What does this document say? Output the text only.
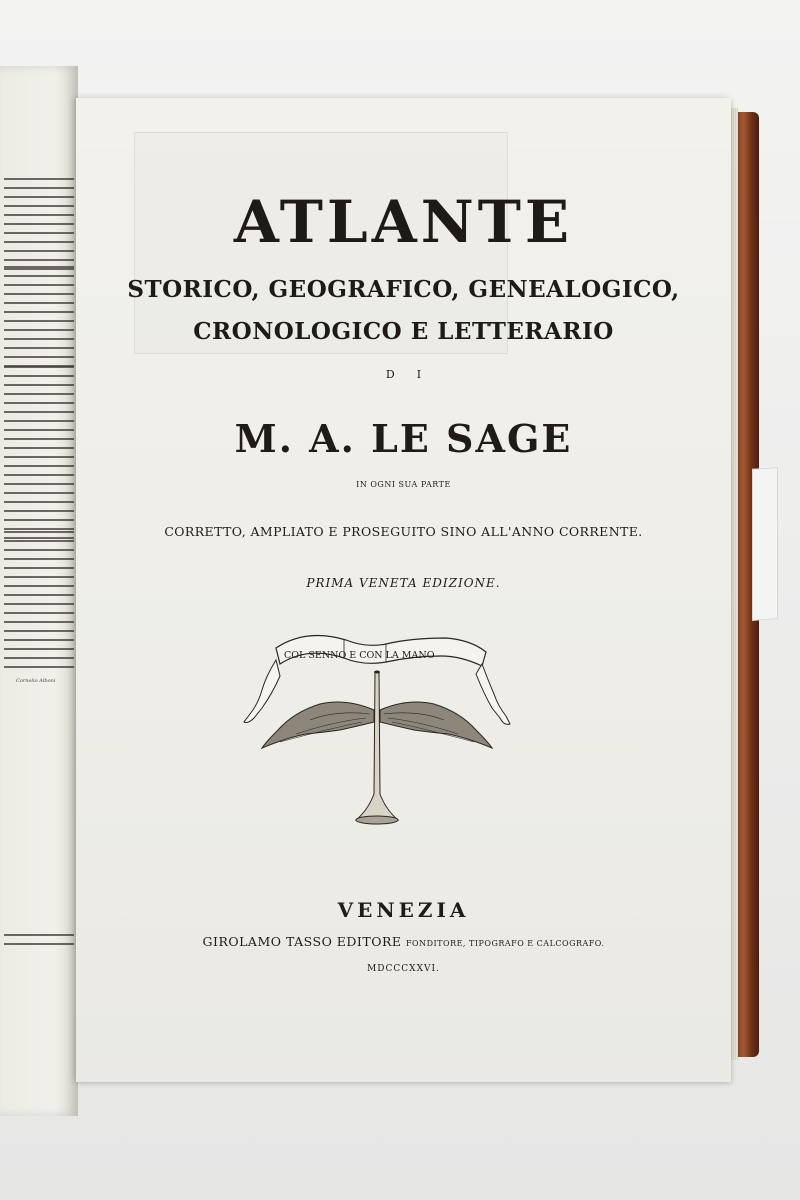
Cornelio Alboni
ATLANTE
STORICO, GEOGRAFICO, GENEALOGICO,
CRONOLOGICO E LETTERARIO
DI
M. A. LE SAGE
IN OGNI SUA PARTE
CORRETTO, AMPLIATO E PROSEGUITO SINO ALL'ANNO CORRENTE.
PRIMA VENETA EDIZIONE.
COL SENNO E CON LA MANO
VENEZIA
GIROLAMO TASSO EDITORE FONDITORE, TIPOGRAFO E CALCOGRAFO.
MDCCCXXVI.
